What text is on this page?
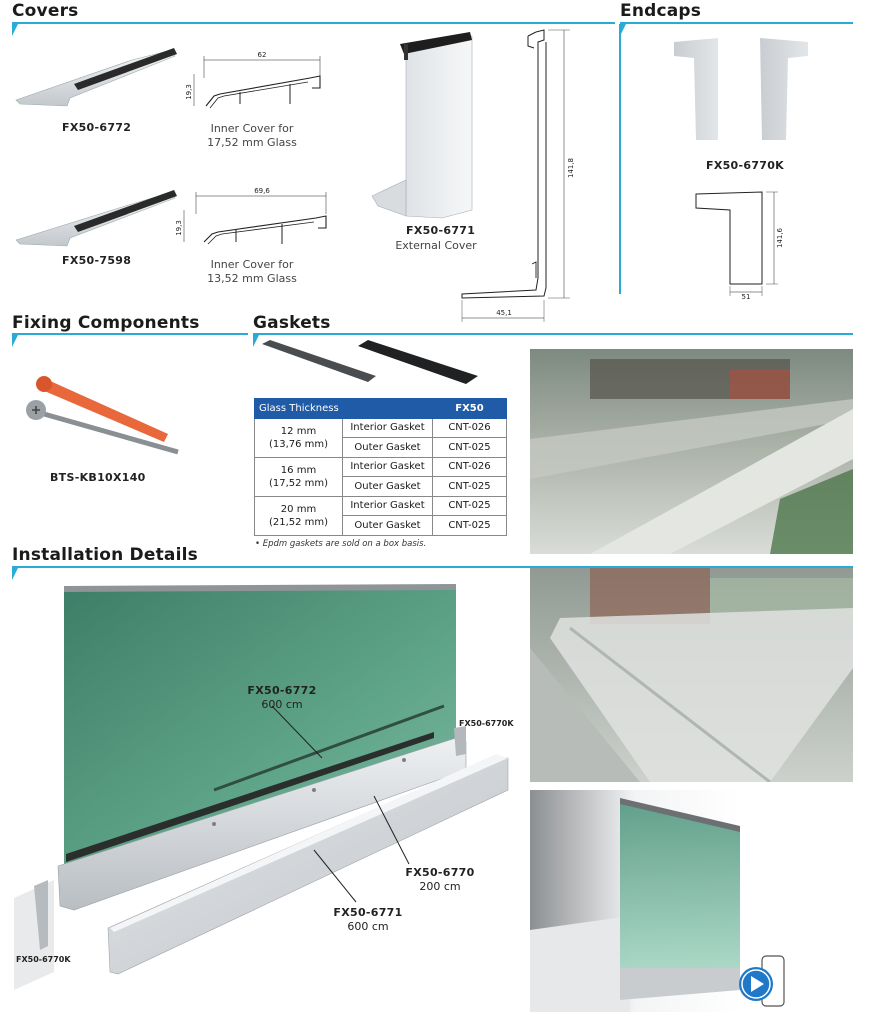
Covers	Endcaps
Fixing Components	Gaskets
Installation Details
FX50-6772
FX50-7598
62
19,3
Inner Cover for
17,52 mm Glass
69,6
19,3
Inner Cover for
13,52 mm Glass
FX50-6771
External Cover
141,8
45,1
FX50-6770K
141,6
51
BTS-KB10X140
Glass Thickness		FX50
12 mm
(13,76 mm)	Interior Gasket	CNT-026
	Outer Gasket	CNT-025
16 mm
(17,52 mm)	Interior Gasket	CNT-026
	Outer Gasket	CNT-025
20 mm
(21,52 mm)	Interior Gasket	CNT-025
	Outer Gasket	CNT-025
• Epdm gaskets are sold on a box basis.
FX50-6772
600 cm
FX50-6770
200 cm
FX50-6771
600 cm
FX50-6770K
FX50-6770K
